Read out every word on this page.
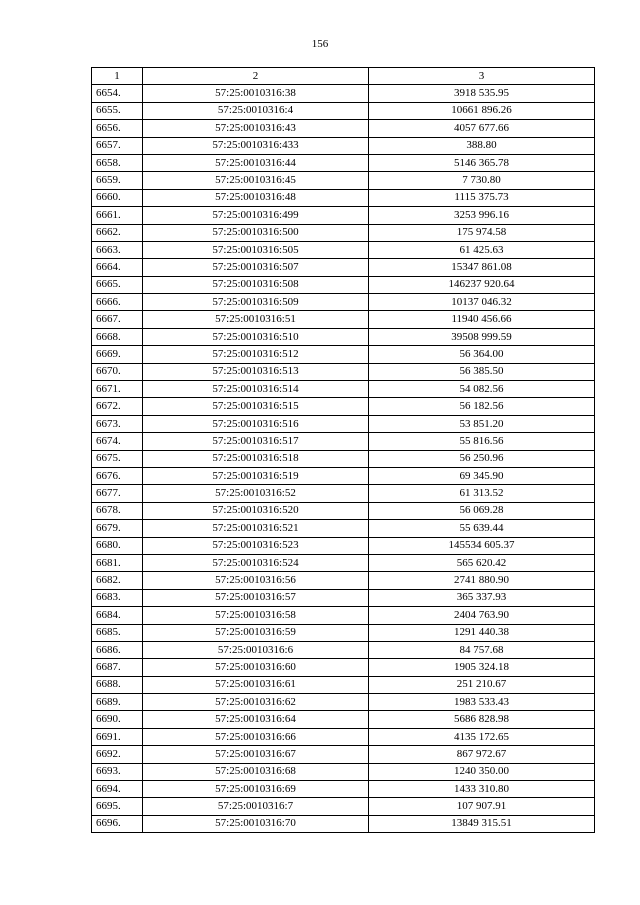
156
1	2	3
6654.	57:25:0010316:38	3918 535.95
6655.	57:25:0010316:4	10661 896.26
6656.	57:25:0010316:43	4057 677.66
6657.	57:25:0010316:433	388.80
6658.	57:25:0010316:44	5146 365.78
6659.	57:25:0010316:45	7 730.80
6660.	57:25:0010316:48	1115 375.73
6661.	57:25:0010316:499	3253 996.16
6662.	57:25:0010316:500	175 974.58
6663.	57:25:0010316:505	61 425.63
6664.	57:25:0010316:507	15347 861.08
6665.	57:25:0010316:508	146237 920.64
6666.	57:25:0010316:509	10137 046.32
6667.	57:25:0010316:51	11940 456.66
6668.	57:25:0010316:510	39508 999.59
6669.	57:25:0010316:512	56 364.00
6670.	57:25:0010316:513	56 385.50
6671.	57:25:0010316:514	54 082.56
6672.	57:25:0010316:515	56 182.56
6673.	57:25:0010316:516	53 851.20
6674.	57:25:0010316:517	55 816.56
6675.	57:25:0010316:518	56 250.96
6676.	57:25:0010316:519	69 345.90
6677.	57:25:0010316:52	61 313.52
6678.	57:25:0010316:520	56 069.28
6679.	57:25:0010316:521	55 639.44
6680.	57:25:0010316:523	145534 605.37
6681.	57:25:0010316:524	565 620.42
6682.	57:25:0010316:56	2741 880.90
6683.	57:25:0010316:57	365 337.93
6684.	57:25:0010316:58	2404 763.90
6685.	57:25:0010316:59	1291 440.38
6686.	57:25:0010316:6	84 757.68
6687.	57:25:0010316:60	1905 324.18
6688.	57:25:0010316:61	251 210.67
6689.	57:25:0010316:62	1983 533.43
6690.	57:25:0010316:64	5686 828.98
6691.	57:25:0010316:66	4135 172.65
6692.	57:25:0010316:67	867 972.67
6693.	57:25:0010316:68	1240 350.00
6694.	57:25:0010316:69	1433 310.80
6695.	57:25:0010316:7	107 907.91
6696.	57:25:0010316:70	13849 315.51
